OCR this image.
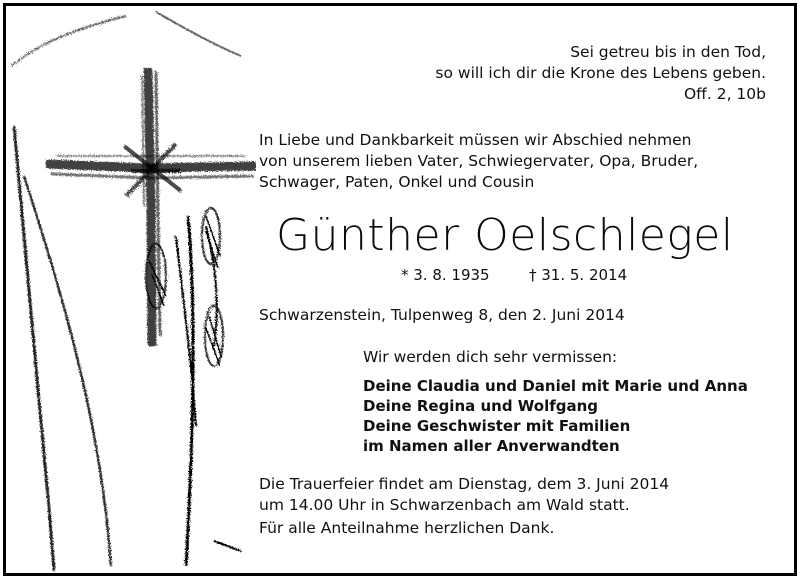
Sei getreu bis in den Tod,
so will ich dir die Krone des Lebens geben.
Off. 2, 10b
In Liebe und Dankbarkeit müssen wir Abschied nehmen
von unserem lieben Vater, Schwiegervater, Opa, Bruder,
Schwager, Paten, Onkel und Cousin
Günther Oelschlegel
* 3. 8. 1935	† 31. 5. 2014
Schwarzenstein, Tulpenweg 8, den 2. Juni 2014
Wir werden dich sehr vermissen:
Deine Claudia und Daniel mit Marie und Anna
Deine Regina und Wolfgang
Deine Geschwister mit Familien
im Namen aller Anverwandten
Die Trauerfeier findet am Dienstag, dem 3. Juni 2014
um 14.00 Uhr in Schwarzenbach am Wald statt.
Für alle Anteilnahme herzlichen Dank.
